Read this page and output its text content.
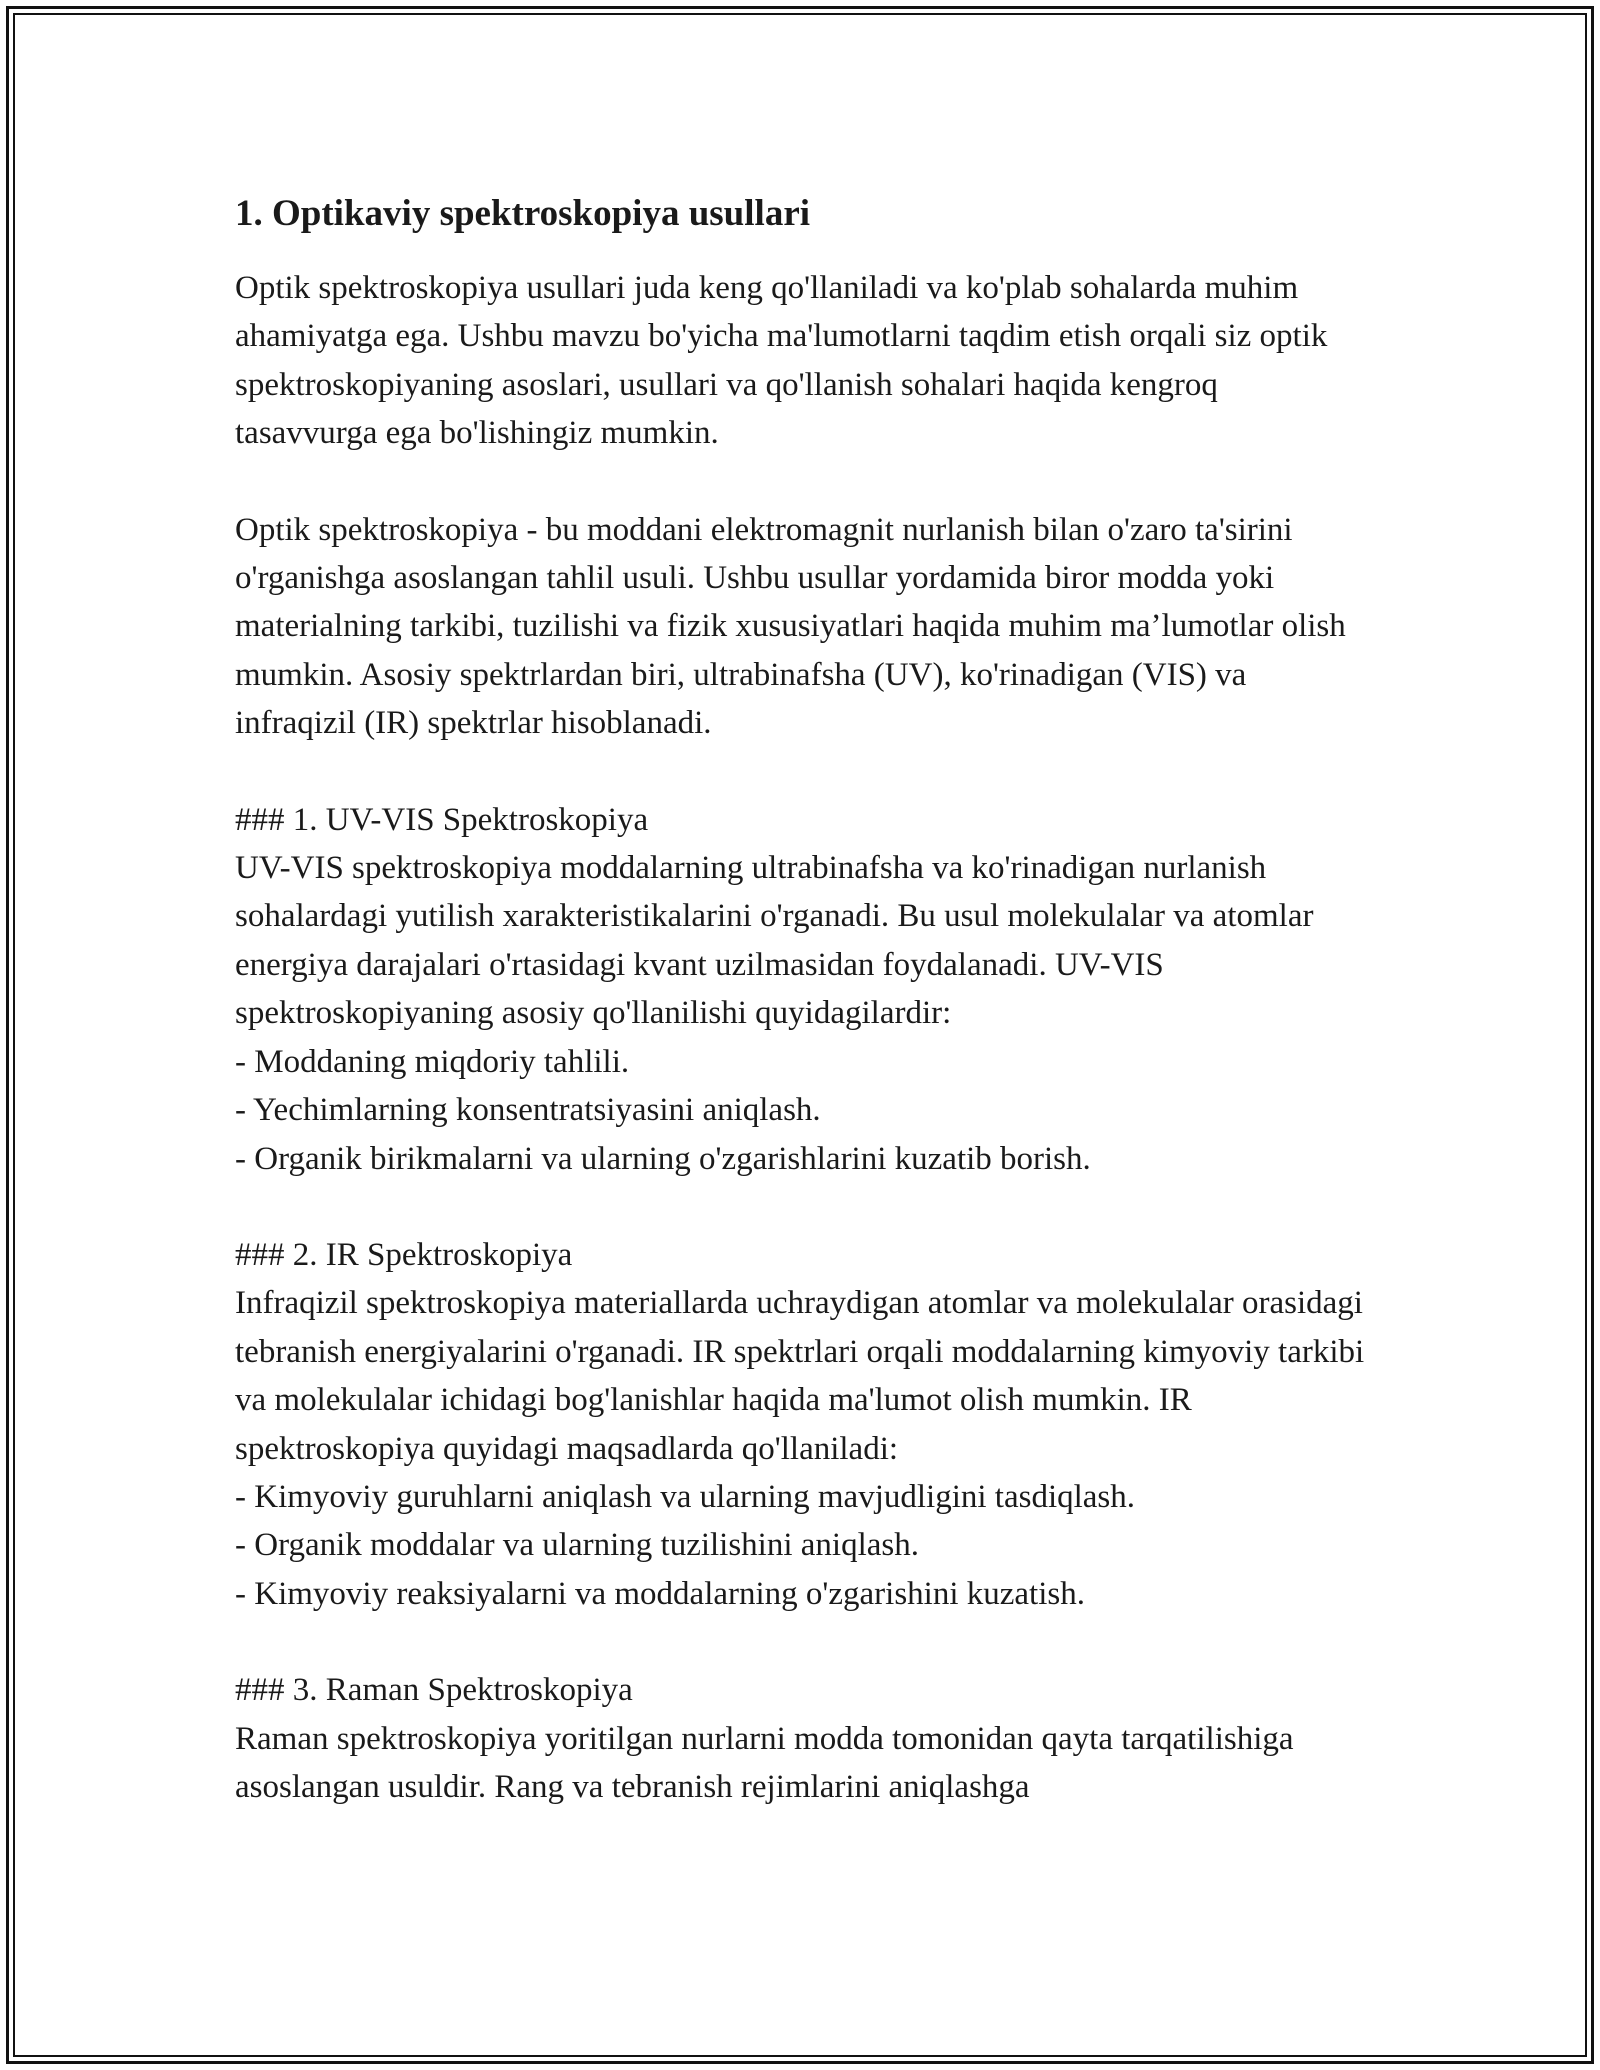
1. Optikaviy spektroskopiya usullari

Optik spektroskopiya usullari juda keng qo'llaniladi va ko'plab sohalarda muhim ahamiyatga ega. Ushbu mavzu bo'yicha ma'lumotlarni taqdim etish orqali siz optik spektroskopiyaning asoslari, usullari va qo'llanish sohalari haqida kengroq tasavvurga ega bo'lishingiz mumkin.

Optik spektroskopiya - bu moddani elektromagnit nurlanish bilan o'zaro ta'sirini o'rganishga asoslangan tahlil usuli. Ushbu usullar yordamida biror modda yoki materialning tarkibi, tuzilishi va fizik xususiyatlari haqida muhim ma’lumotlar olish mumkin. Asosiy spektrlardan biri, ultrabinafsha (UV), ko'rinadigan (VIS) va infraqizil (IR) spektrlar hisoblanadi.

### 1. UV-VIS Spektroskopiya
UV-VIS spektroskopiya moddalarning ultrabinafsha va ko'rinadigan nurlanish sohalardagi yutilish xarakteristikalarini o'rganadi. Bu usul molekulalar va atomlar energiya darajalari o'rtasidagi kvant uzilmasidan foydalanadi. UV-VIS spektroskopiyaning asosiy qo'llanilishi quyidagilardir:
- Moddaning miqdoriy tahlili.
- Yechimlarning konsentratsiyasini aniqlash.
- Organik birikmalarni va ularning o'zgarishlarini kuzatib borish.
### 2. IR Spektroskopiya
Infraqizil spektroskopiya materiallarda uchraydigan atomlar va molekulalar orasidagi tebranish energiyalarini o'rganadi. IR spektrlari orqali moddalarning kimyoviy tarkibi va molekulalar ichidagi bog'lanishlar haqida ma'lumot olish mumkin. IR spektroskopiya quyidagi maqsadlarda qo'llaniladi:
- Kimyoviy guruhlarni aniqlash va ularning mavjudligini tasdiqlash.
- Organik moddalar va ularning tuzilishini aniqlash.
- Kimyoviy reaksiyalarni va moddalarning o'zgarishini kuzatish.
### 3. Raman Spektroskopiya
Raman spektroskopiya yoritilgan nurlarni modda tomonidan qayta tarqatilishiga asoslangan usuldir. Rang va tebranish rejimlarini aniqlashga
